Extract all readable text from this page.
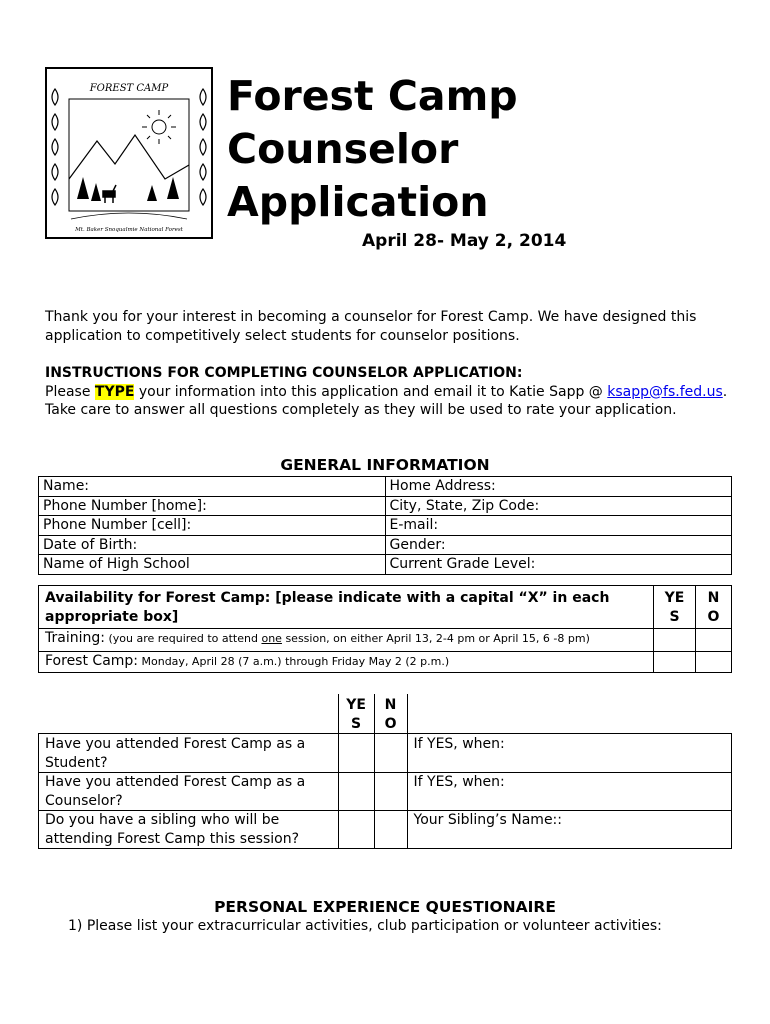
FOREST CAMP
Mt. Baker Snoqualmie National Forest
Forest Camp
Counselor
Application
April 28- May 2, 2014
Thank you for your interest in becoming a counselor for Forest Camp. We have designed this application to competitively select students for counselor positions.
INSTRUCTIONS FOR COMPLETING COUNSELOR APPLICATION:
Please TYPE your information into this application and email it to Katie Sapp @ ksapp@fs.fed.us. Take care to answer all questions completely as they will be used to rate your application.
GENERAL INFORMATION
Name:	Home Address:
Phone Number [home]:	City, State, Zip Code:
Phone Number [cell]:	E-mail:
Date of Birth:	Gender:
Name of High School	Current Grade Level:
Availability for Forest Camp: [please indicate with a capital “X” in each appropriate box]	YE S	N O
Training: (you are required to attend one session, on either April 13, 2-4 pm or April 15, 6 -8 pm)		
Forest Camp: Monday, April 28 (7 a.m.) through Friday May 2 (2 p.m.)		
	YE S	N O	
Have you attended Forest Camp as a Student?			If YES, when:
Have you attended Forest Camp as a Counselor?			If YES, when:
Do you have a sibling who will be attending Forest Camp this session?			Your Sibling’s Name::
PERSONAL EXPERIENCE QUESTIONAIRE
1) Please list your extracurricular activities, club participation or volunteer activities:
